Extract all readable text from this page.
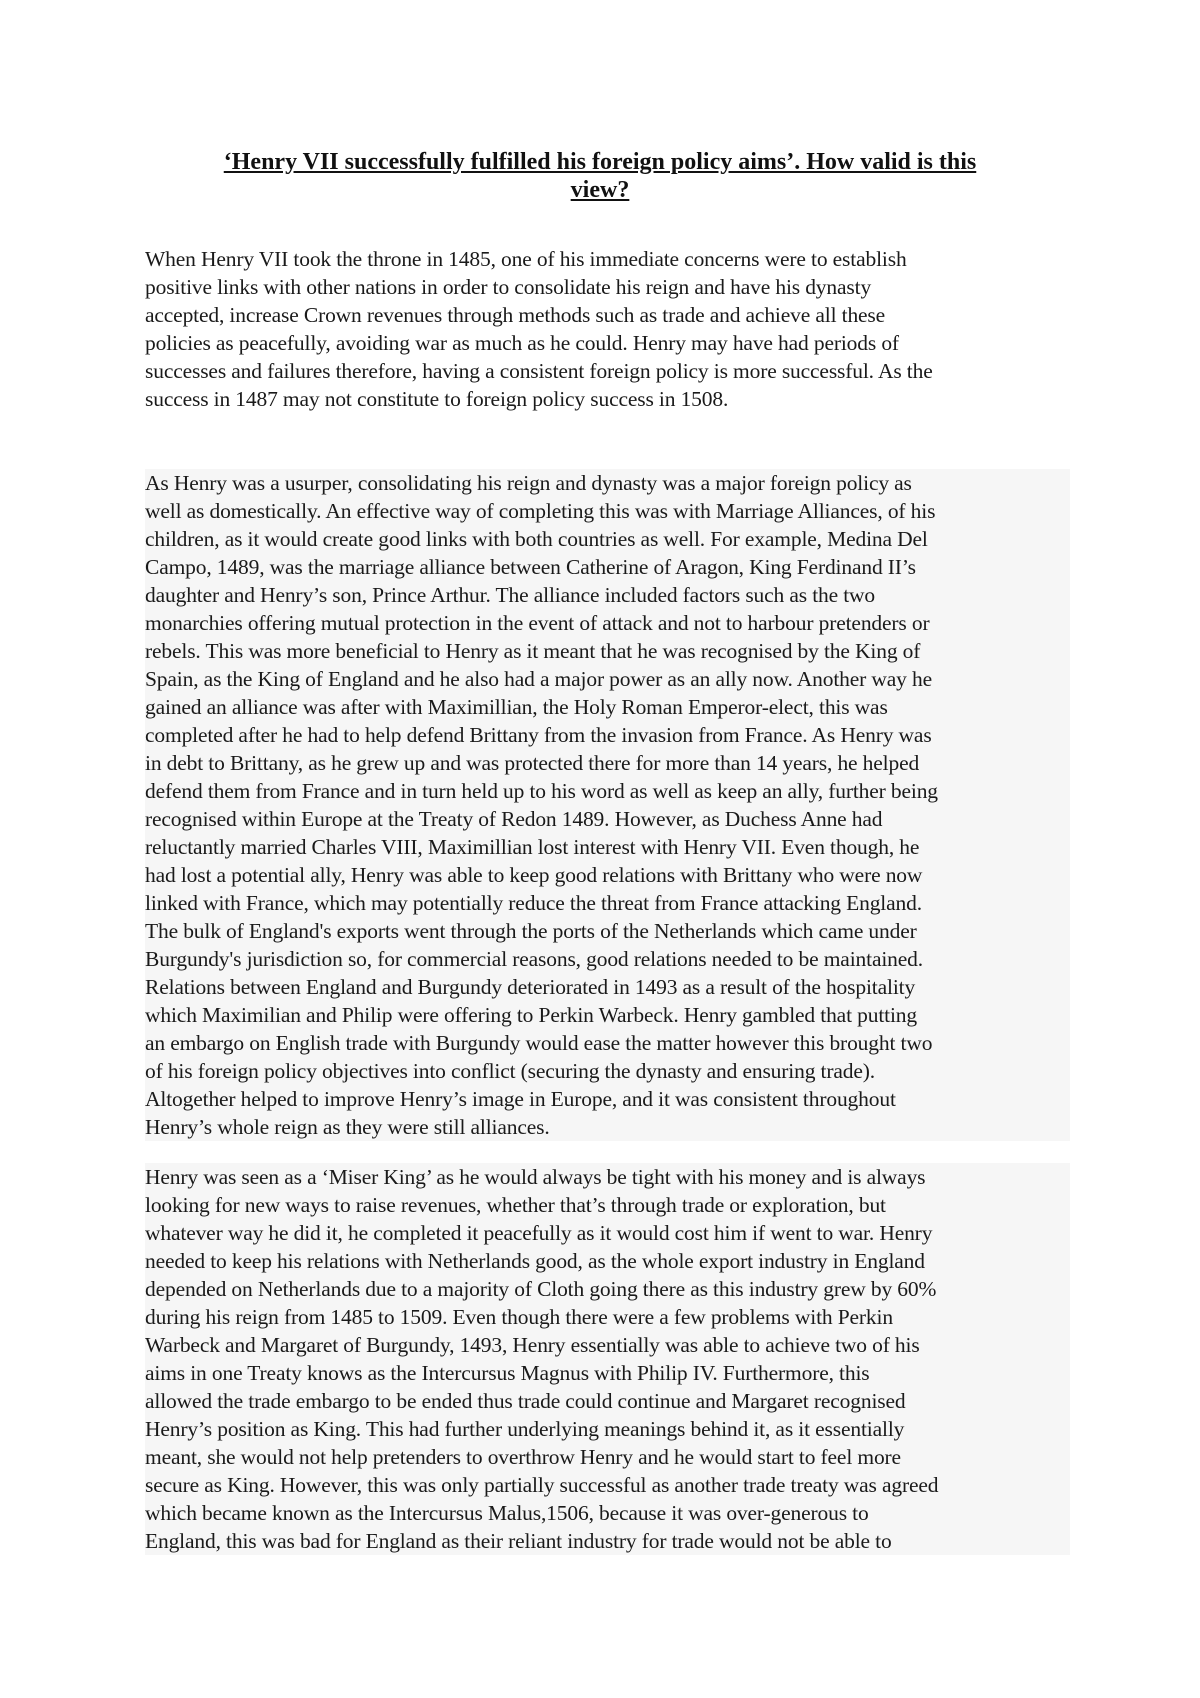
‘Henry VII successfully fulfilled his foreign policy aims’. How valid is this
view?
When Henry VII took the throne in 1485, one of his immediate concerns were to establish
positive links with other nations in order to consolidate his reign and have his dynasty
accepted, increase Crown revenues through methods such as trade and achieve all these
policies as peacefully, avoiding war as much as he could. Henry may have had periods of
successes and failures therefore, having a consistent foreign policy is more successful. As the
success in 1487 may not constitute to foreign policy success in 1508.
As Henry was a usurper, consolidating his reign and dynasty was a major foreign policy as
well as domestically. An effective way of completing this was with Marriage Alliances, of his
children, as it would create good links with both countries as well. For example, Medina Del
Campo, 1489, was the marriage alliance between Catherine of Aragon, King Ferdinand II’s
daughter and Henry’s son, Prince Arthur. The alliance included factors such as the two
monarchies offering mutual protection in the event of attack and not to harbour pretenders or
rebels. This was more beneficial to Henry as it meant that he was recognised by the King of
Spain, as the King of England and he also had a major power as an ally now. Another way he
gained an alliance was after with Maximillian, the Holy Roman Emperor-elect, this was
completed after he had to help defend Brittany from the invasion from France. As Henry was
in debt to Brittany, as he grew up and was protected there for more than 14 years, he helped
defend them from France and in turn held up to his word as well as keep an ally, further being
recognised within Europe at the Treaty of Redon 1489. However, as Duchess Anne had
reluctantly married Charles VIII, Maximillian lost interest with Henry VII. Even though, he
had lost a potential ally, Henry was able to keep good relations with Brittany who were now
linked with France, which may potentially reduce the threat from France attacking England.
The bulk of England's exports went through the ports of the Netherlands which came under
Burgundy's jurisdiction so, for commercial reasons, good relations needed to be maintained.
Relations between England and Burgundy deteriorated in 1493 as a result of the hospitality
which Maximilian and Philip were offering to Perkin Warbeck. Henry gambled that putting
an embargo on English trade with Burgundy would ease the matter however this brought two
of his foreign policy objectives into conflict (securing the dynasty and ensuring trade).
Altogether helped to improve Henry’s image in Europe, and it was consistent throughout
Henry’s whole reign as they were still alliances.
Henry was seen as a ‘Miser King’ as he would always be tight with his money and is always
looking for new ways to raise revenues, whether that’s through trade or exploration, but
whatever way he did it, he completed it peacefully as it would cost him if went to war. Henry
needed to keep his relations with Netherlands good, as the whole export industry in England
depended on Netherlands due to a majority of Cloth going there as this industry grew by 60%
during his reign from 1485 to 1509. Even though there were a few problems with Perkin
Warbeck and Margaret of Burgundy, 1493, Henry essentially was able to achieve two of his
aims in one Treaty knows as the Intercursus Magnus with Philip IV. Furthermore, this
allowed the trade embargo to be ended thus trade could continue and Margaret recognised
Henry’s position as King. This had further underlying meanings behind it, as it essentially
meant, she would not help pretenders to overthrow Henry and he would start to feel more
secure as King. However, this was only partially successful as another trade treaty was agreed
which became known as the Intercursus Malus,1506, because it was over-generous to
England, this was bad for England as their reliant industry for trade would not be able to
